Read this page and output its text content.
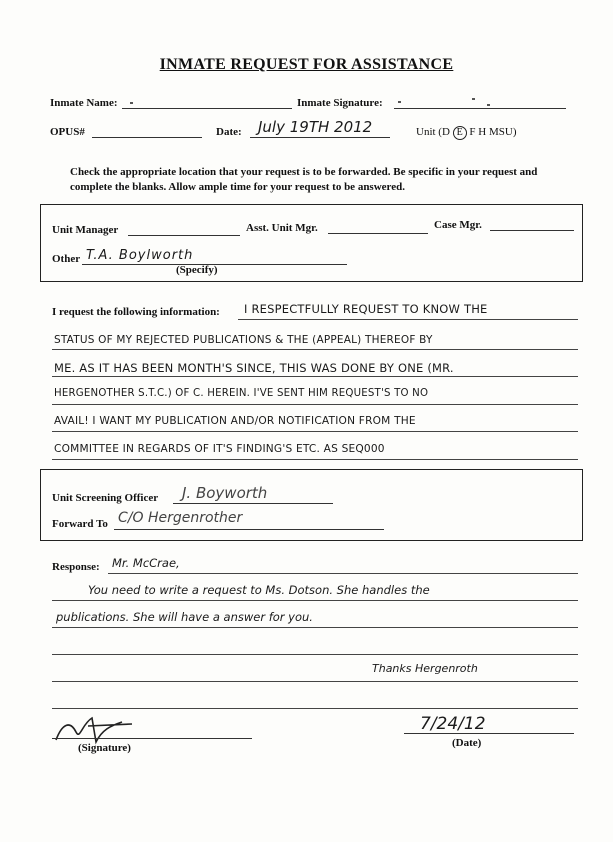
INMATE REQUEST FOR ASSISTANCE
Inmate Name:	Inmate Signature:
OPUS#	Date: July 19TH 2012	Unit (D E F H MSU)
Check the appropriate location that your request is to be forwarded. Be specific in your request and complete the blanks. Allow ample time for your request to be answered.
Unit Manager	Asst. Unit Mgr.	Case Mgr.
Other T.A. Boylworth
(Specify)
I request the following information: I RESPECTFULLY REQUEST TO KNOW THE
STATUS OF MY REJECTED PUBLICATIONS & THE (APPEAL) THEREOF BY
ME. AS IT HAS BEEN MONTH'S SINCE, THIS WAS DONE BY ONE (MR.
HERGENOTHER S.T.C.) OF C. HEREIN. I'VE SENT HIM REQUEST'S TO NO
AVAIL! I WANT MY PUBLICATION AND/OR NOTIFICATION FROM THE
COMMITTEE IN REGARDS OF IT'S FINDING'S ETC. AS SEQ000
Unit Screening Officer J. Boyworth
Forward To C/O Hergenrother
Response: Mr. McCrae,
You need to write a request to Ms. Dotson. She handles the
publications. She will have a answer for you.
Thanks Hergenroth
(Signature)
7/24/12
(Date)
